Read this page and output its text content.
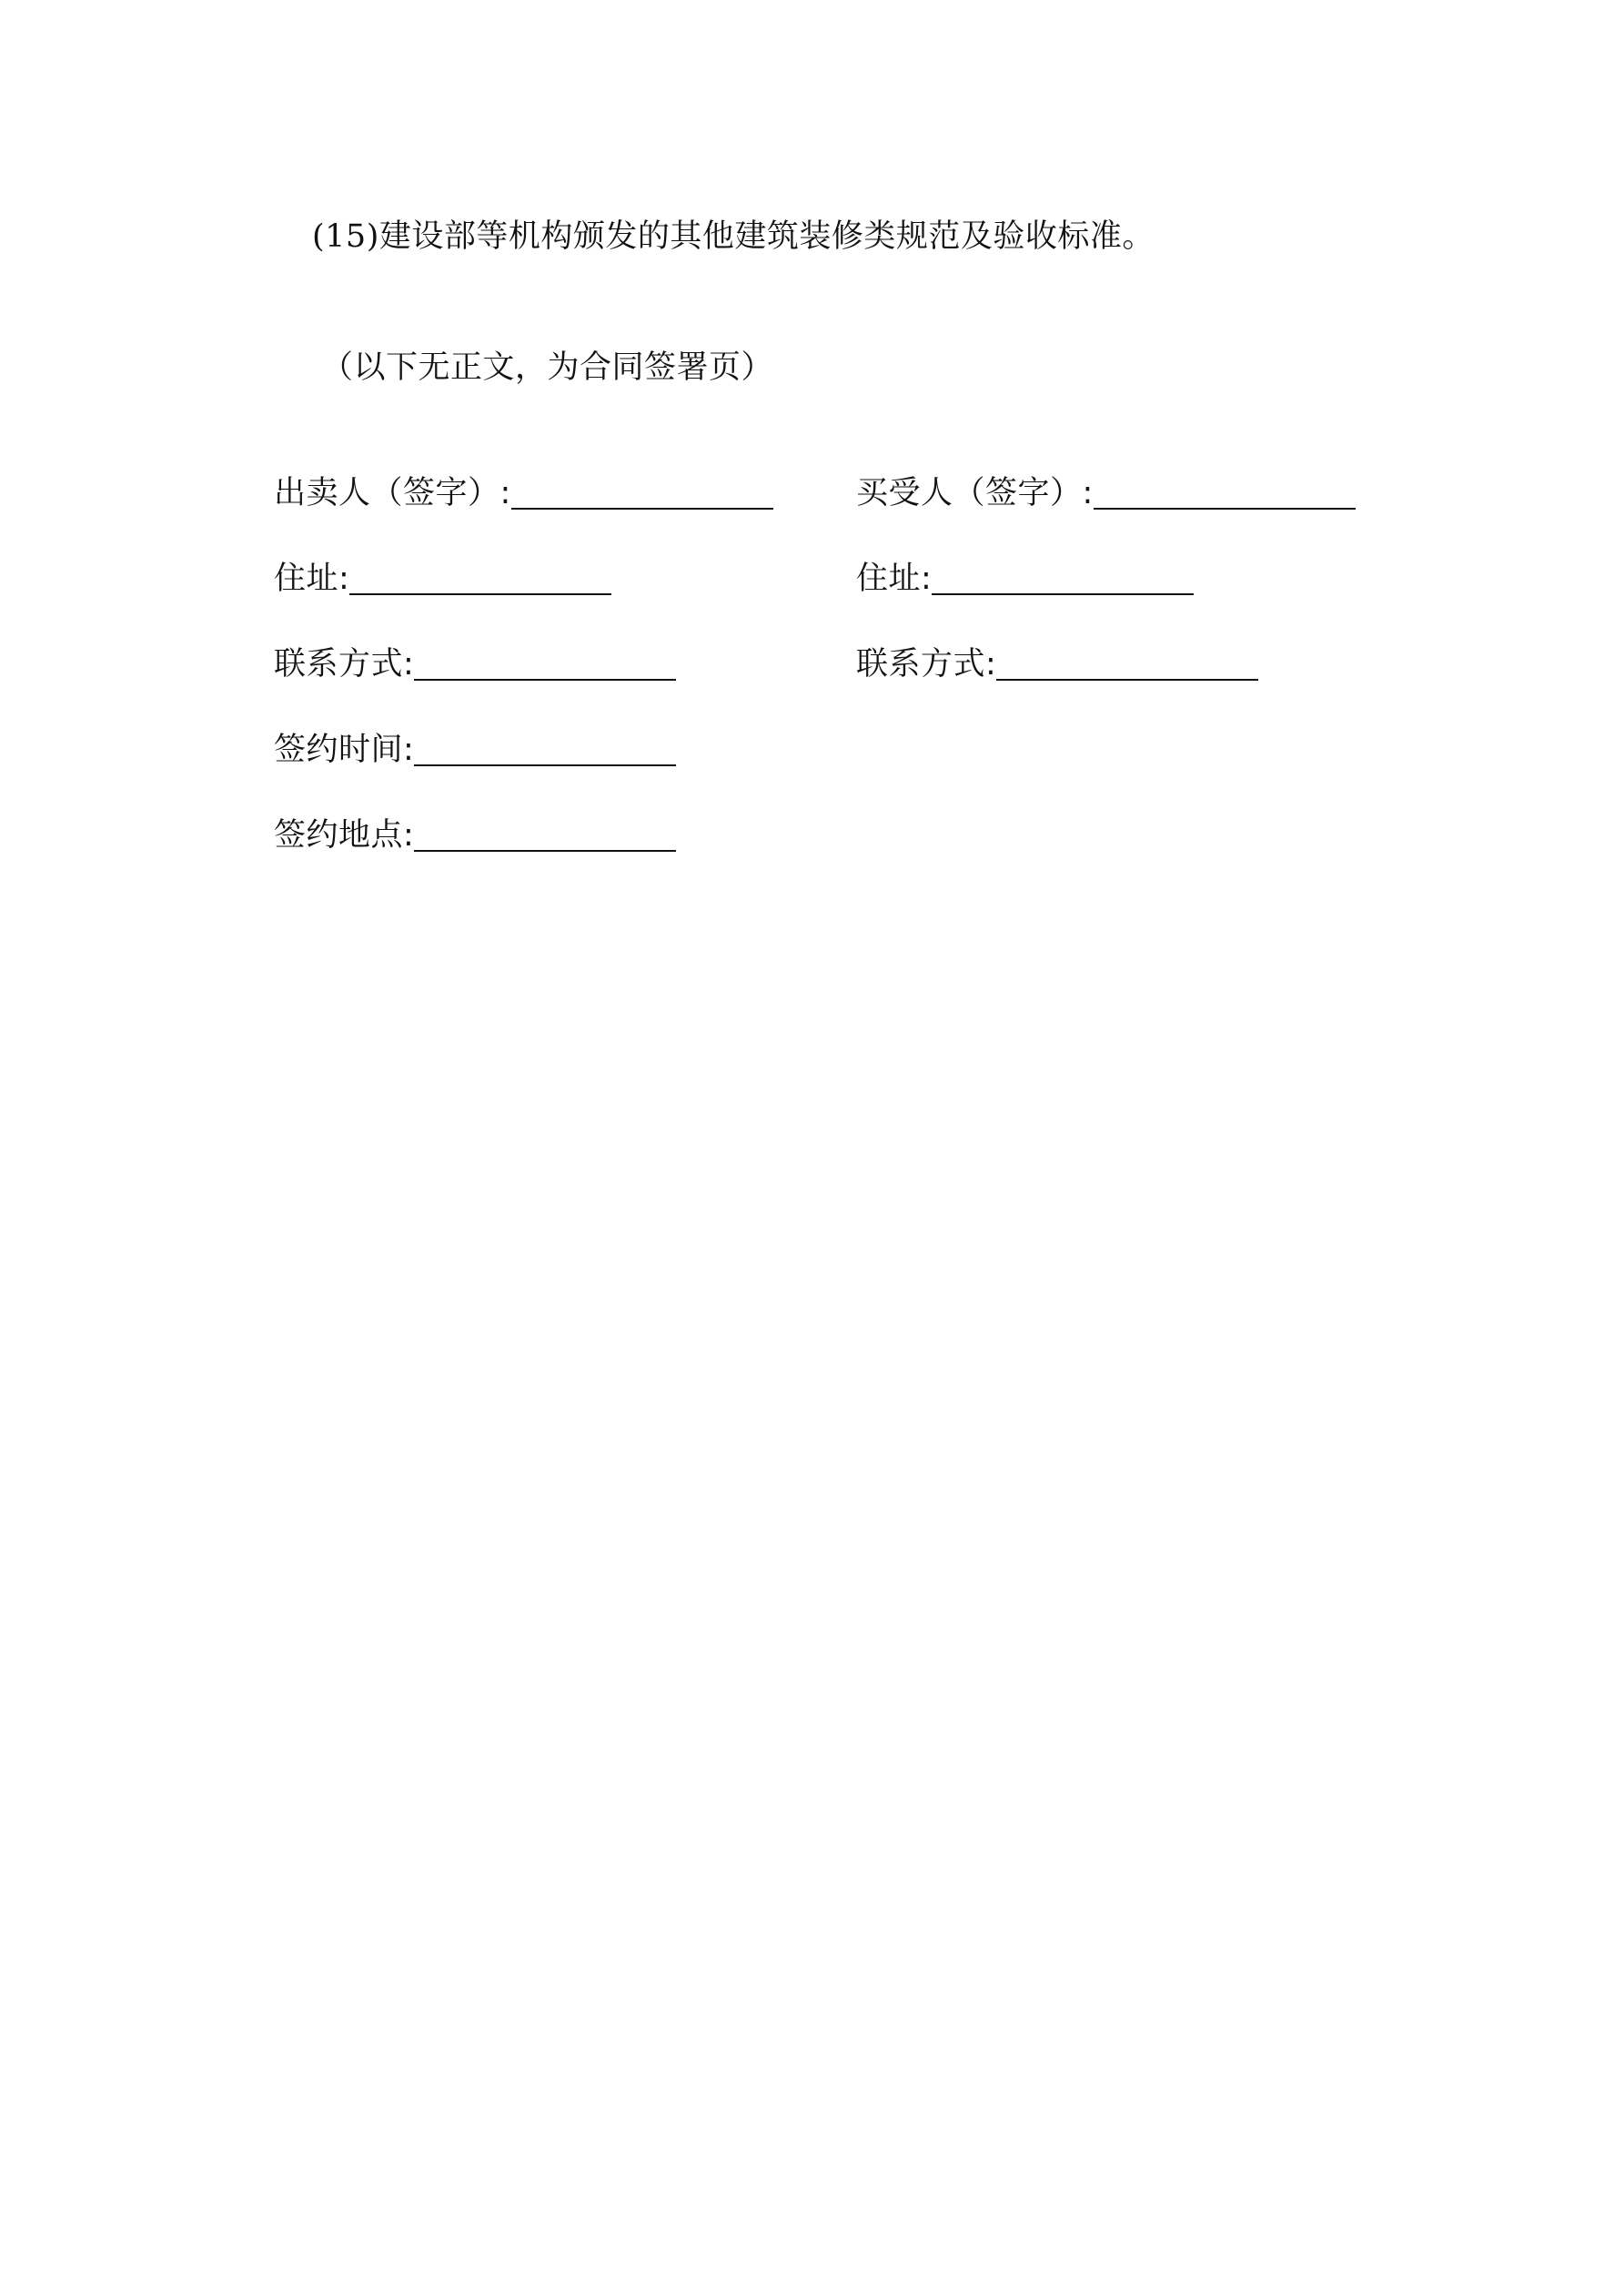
(15)建设部等机构颁发的其他建筑装修类规范及验收标准。
（以下无正文，为合同签署页）
出卖人（签字）:	买受人（签字）:
住址:	住址:
联系方式:	联系方式:
签约时间:
签约地点:
